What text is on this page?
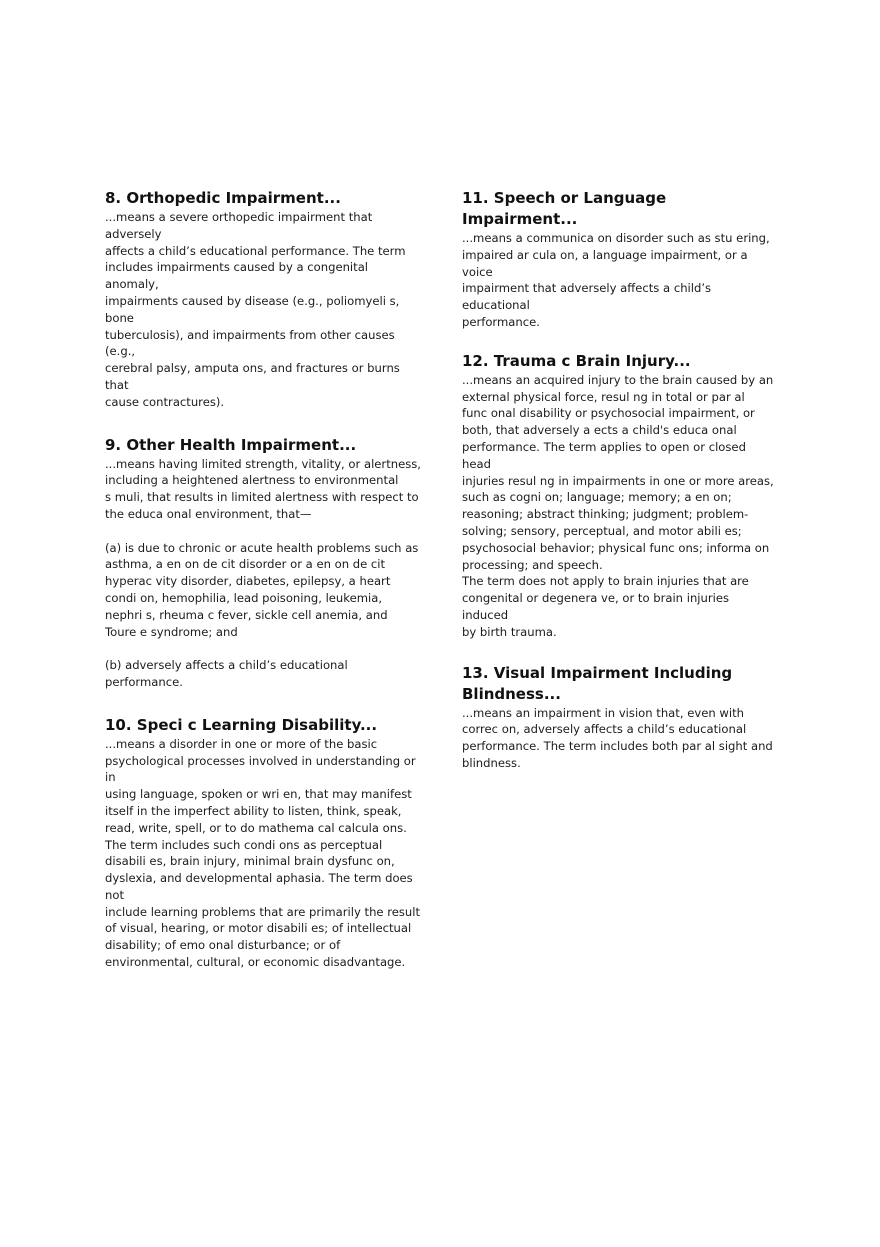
8. Orthopedic Impairment...

...means a severe orthopedic impairment that adversely
affects a child’s educational performance. The term
includes impairments caused by a congenital anomaly,
impairments caused by disease (e.g., poliomyeli s, bone
tuberculosis), and impairments from other causes (e.g.,
cerebral palsy, amputa ons, and fractures or burns that
cause contractures).

9. Other Health Impairment...

...means having limited strength, vitality, or alertness,
including a heightened alertness to environmental
s muli, that results in limited alertness with respect to
the educa onal environment, that—

(a) is due to chronic or acute health problems such as
asthma, a en on de cit disorder or a en on de cit
hyperac vity disorder, diabetes, epilepsy, a heart
condi on, hemophilia, lead poisoning, leukemia,
nephri s, rheuma c fever, sickle cell anemia, and
Toure e syndrome; and

(b) adversely affects a child’s educational performance.

10. Speci c Learning Disability...

...means a disorder in one or more of the basic
psychological processes involved in understanding or in
using language, spoken or wri en, that may manifest
itself in the imperfect ability to listen, think, speak,
read, write, spell, or to do mathema cal calcula ons.
The term includes such condi ons as perceptual
disabili es, brain injury, minimal brain dysfunc on,
dyslexia, and developmental aphasia. The term does not
include learning problems that are primarily the result
of visual, hearing, or motor disabili es; of intellectual
disability; of emo onal disturbance; or of
environmental, cultural, or economic disadvantage.

11. Speech or Language Impairment...

...means a communica on disorder such as stu ering,
impaired ar cula on, a language impairment, or a voice
impairment that adversely affects a child’s educational
performance.

12. Trauma c Brain Injury...

...means an acquired injury to the brain caused by an
external physical force, resul ng in total or par al
func onal disability or psychosocial impairment, or
both, that adversely a ects a child's educa onal
performance. The term applies to open or closed head
injuries resul ng in impairments in one or more areas,
such as cogni on; language; memory; a en on;
reasoning; abstract thinking; judgment; problem-
solving; sensory, perceptual, and motor abili es;
psychosocial behavior; physical func ons; informa on
processing; and speech.
The term does not apply to brain injuries that are
congenital or degenera ve, or to brain injuries induced
by birth trauma.

13. Visual Impairment Including

Blindness...

...means an impairment in vision that, even with
correc on, adversely affects a child’s educational
performance. The term includes both par al sight and
blindness.
